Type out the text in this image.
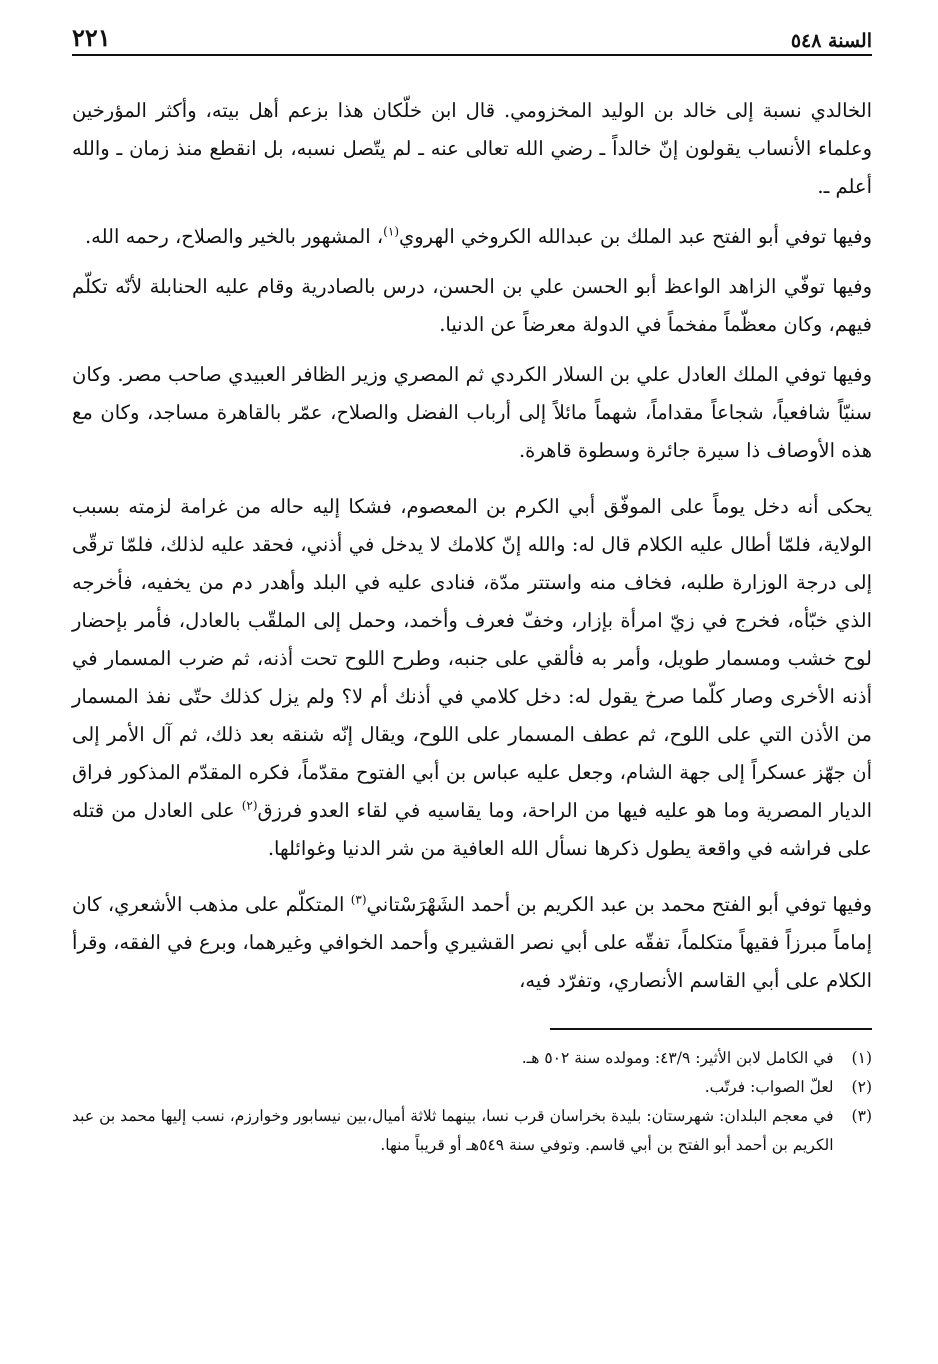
السنة ٥٤٨
٢٢١

الخالدي نسبة إلى خالد بن الوليد المخزومي. قال ابن خلّكان هذا بزعم أهل بيته، وأكثر المؤرخين وعلماء الأنساب يقولون إنّ خالداً ـ رضي الله تعالى عنه ـ لم يتّصل نسبه، بل انقطع منذ زمان ـ والله أعلم ـ.

وفيها توفي أبو الفتح عبد الملك بن عبدالله الكروخي الهروي$^{(١)}$، المشهور بالخير والصلاح، رحمه الله.

وفيها توفّي الزاهد الواعظ أبو الحسن علي بن الحسن، درس بالصادرية وقام عليه الحنابلة لأنّه تكلّم فيهم، وكان معظّماً مفخماً في الدولة معرضاً عن الدنيا.

وفيها توفي الملك العادل علي بن السلار الكردي ثم المصري وزير الظافر العبيدي صاحب مصر. وكان سنيّاً شافعياً، شجاعاً مقداماً، شهماً مائلاً إلى أرباب الفضل والصلاح، عمّر بالقاهرة مساجد، وكان مع هذه الأوصاف ذا سيرة جائرة وسطوة قاهرة.

يحكى أنه دخل يوماً على الموفّق أبي الكرم بن المعصوم، فشكا إليه حاله من غرامة لزمته بسبب الولاية، فلمّا أطال عليه الكلام قال له: والله إنّ كلامك لا يدخل في أذني، فحقد عليه لذلك، فلمّا ترقّى إلى درجة الوزارة طلبه، فخاف منه واستتر مدّة، فنادى عليه في البلد وأهدر دم من يخفيه، فأخرجه الذي خبّأه، فخرج في زيّ امرأة بإزار، وخفّ فعرف وأخمد، وحمل إلى الملقّب بالعادل، فأمر بإحضار لوح خشب ومسمار طويل، وأمر به فألقي على جنبه، وطرح اللوح تحت أذنه، ثم ضرب المسمار في أذنه الأخرى وصار كلّما صرخ يقول له: دخل كلامي في أذنك أم لا؟ ولم يزل كذلك حتّى نفذ المسمار من الأذن التي على اللوح، ثم عطف المسمار على اللوح، ويقال إنّه شنقه بعد ذلك، ثم آل الأمر إلى أن جهّز عسكراً إلى جهة الشام، وجعل عليه عباس بن أبي الفتوح مقدّماً، فكره المقدّم المذكور فراق الديار المصرية وما هو عليه فيها من الراحة، وما يقاسيه في لقاء العدو فرزق$^{(٢)}$ على العادل من قتله على فراشه في واقعة يطول ذكرها نسأل الله العافية من شر الدنيا وغوائلها.

وفيها توفي أبو الفتح محمد بن عبد الكريم بن أحمد الشَهْرَسْتاني$^{(٣)}$ المتكلّم على مذهب الأشعري، كان إماماً مبرزاً فقيهاً متكلماً، تفقّه على أبي نصر القشيري وأحمد الخوافي وغيرهما، وبرع في الفقه، وقرأ الكلام على أبي القاسم الأنصاري، وتفرّد فيه،

(١)
في الكامل لابن الأثير: ٤٣/٩: ومولده سنة ٥٠٢ هـ.
(٢)
لعلّ الصواب: فرتّب.
(٣)
في معجم البلدان: شهرستان: بليدة بخراسان قرب نسا، بينهما ثلاثة أميال،بين نيسابور وخوارزم، نسب إليها محمد بن عبد الكريم بن أحمد أبو الفتح بن أبي قاسم. وتوفي سنة ٥٤٩هـ أو قريباً منها.
